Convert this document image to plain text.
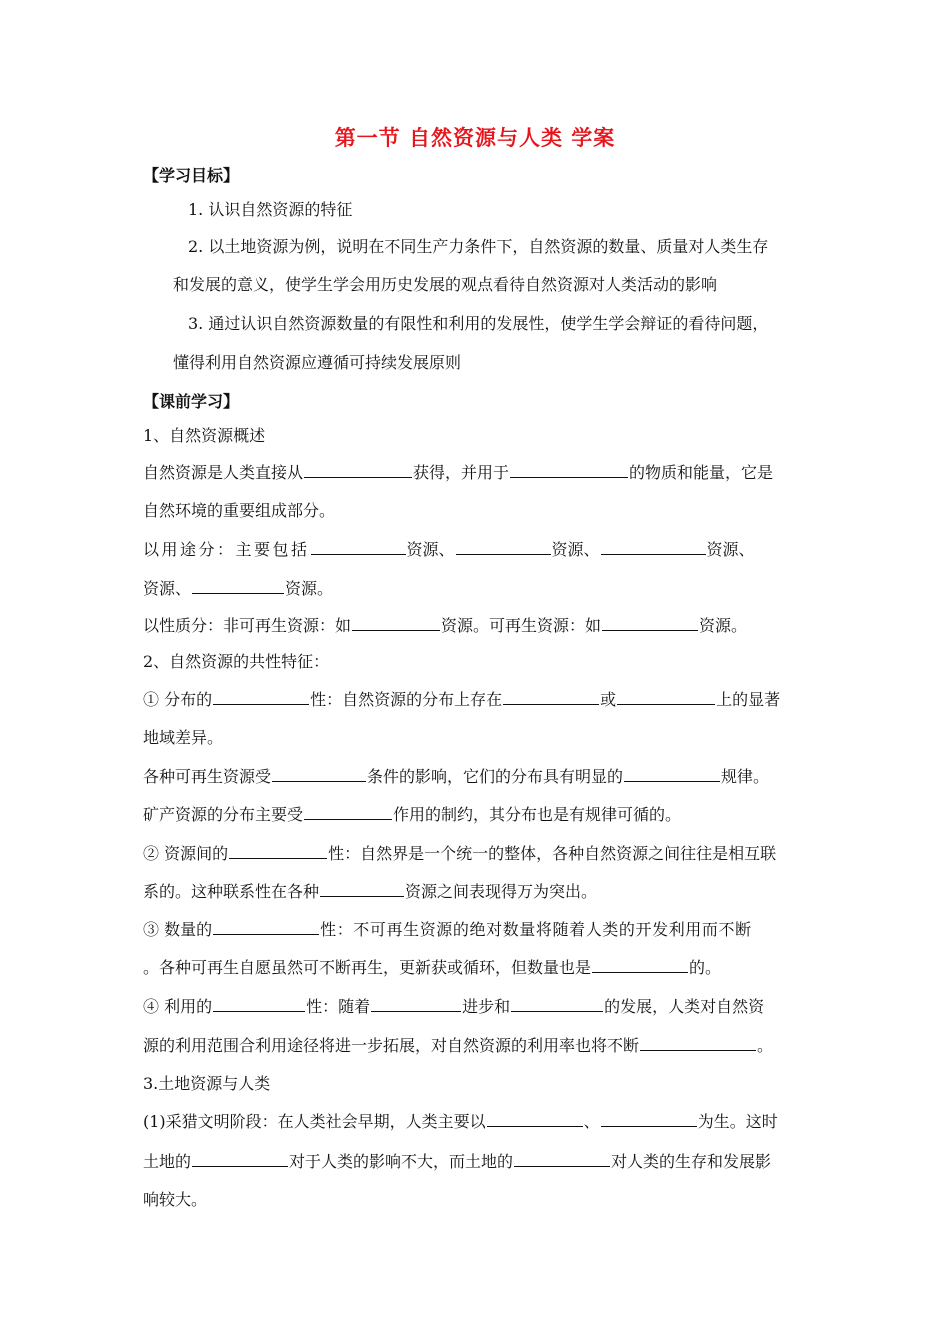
第一节 自然资源与人类 学案
【学习目标】
1. 认识自然资源的特征
2. 以土地资源为例，说明在不同生产力条件下，自然资源的数量、质量对人类生存
和发展的意义，使学生学会用历史发展的观点看待自然资源对人类活动的影响
3. 通过认识自然资源数量的有限性和利用的发展性，使学生学会辩证的看待问题，
懂得利用自然资源应遵循可持续发展原则
【课前学习】
1、自然资源概述
自然资源是人类直接从	获得，并用于	的物质和能量，它是
自然环境的重要组成部分。
以用途分：主要包括	资源、	资源、	资源、
资源、	资源。
以性质分：非可再生资源：如	资源。可再生资源：如	资源。
2、自然资源的共性特征：
① 分布的	性：自然资源的分布上存在	或	上的显著
地域差异。
各种可再生资源受	条件的影响，它们的分布具有明显的	规律。
矿产资源的分布主要受	作用的制约，其分布也是有规律可循的。
② 资源间的	性：自然界是一个统一的整体，各种自然资源之间往往是相互联
系的。这种联系性在各种	资源之间表现得万为突出。
③ 数量的	性：不可再生资源的绝对数量将随着人类的开发利用而不断
。各种可再生自愿虽然可不断再生，更新获或循环，但数量也是	的。
④ 利用的	性：随着	进步和	的发展，人类对自然资
源的利用范围合利用途径将进一步拓展，对自然资源的利用率也将不断	。
3.土地资源与人类
(1)采猎文明阶段：在人类社会早期，人类主要以	、	为生。这时
土地的	对于人类的影响不大，而土地的	对人类的生存和发展影
响较大。
